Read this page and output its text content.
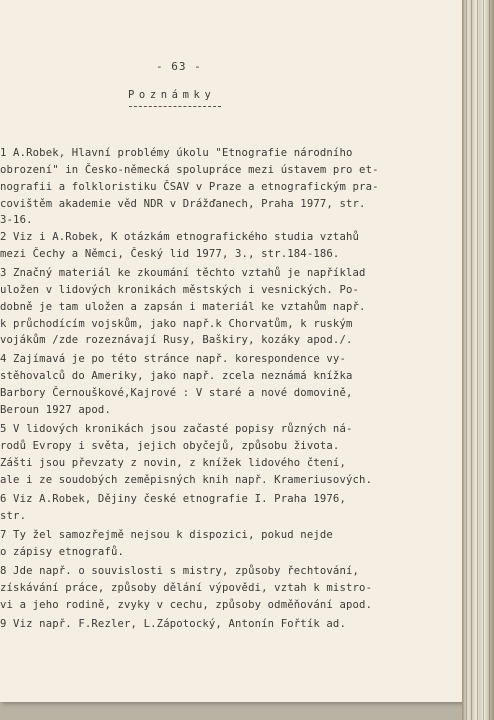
- 63 -
Poznámky
1 A.Robek, Hlavní problémy úkolu "Etnografie národního
obrození" in Česko-německá spolupráce mezi ústavem pro et-
nografii a folkloristiku ČSAV v Praze a etnografickým pra-
covištěm akademie věd NDR v Drážďanech, Praha 1977, str.
3-16.
2 Viz i A.Robek, K otázkám etnografického studia vztahů
mezi Čechy a Němci, Český lid 1977, 3., str.184-186.
3 Značný materiál ke zkoumání těchto vztahů je například
uložen v lidových kronikách městských i vesnických. Po-
dobně je tam uložen a zapsán i materiál ke vztahům např.
k průchodícím vojskům, jako např.k Chorvatům, k ruským
vojákům /zde rozeznávají Rusy, Baškiry, kozáky apod./.
4 Zajímavá je po této stránce např. korespondence vy-
stěhovalců do Ameriky, jako např. zcela neznámá knížka
Barbory Černouškové,Kajrové : V staré a nové domovině,
Beroun 1927 apod.
5 V lidových kronikách jsou začasté popisy různých ná-
rodů Evropy i světa, jejich obyčejů, způsobu života.
Zášti jsou převzaty z novin, z knížek lidového čtení,
ale i ze soudobých zeměpisných knih např. Krameriusových.
6 Viz A.Robek, Dějiny české etnografie I. Praha 1976,
str.
7 Ty žel samozřejmě nejsou k dispozici, pokud nejde
o zápisy etnografů.
8 Jde např. o souvislosti s mistry, způsoby řechtování,
získávání práce, způsoby dělání výpovědi, vztah k mistro-
vi a jeho rodině, zvyky v cechu, způsoby odměňování apod.
9 Viz např. F.Rezler, L.Zápotocký, Antonín Fořtík ad.
